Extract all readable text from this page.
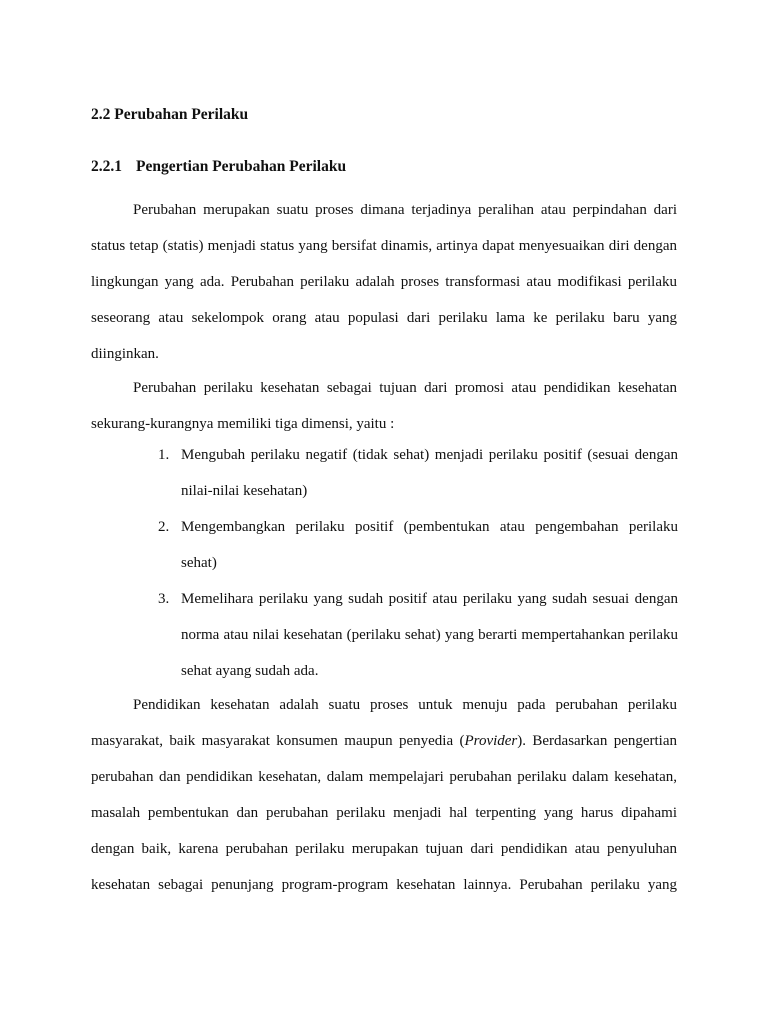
2.2 Perubahan Perilaku
2.2.1 Pengertian Perubahan Perilaku
Perubahan merupakan suatu proses dimana terjadinya peralihan atau perpindahan dari
status tetap (statis) menjadi status yang bersifat dinamis, artinya dapat menyesuaikan diri dengan
lingkungan yang ada. Perubahan perilaku adalah proses transformasi atau modifikasi perilaku
seseorang atau sekelompok orang atau populasi dari perilaku lama ke perilaku baru yang
diinginkan.
Perubahan perilaku kesehatan sebagai tujuan dari promosi atau pendidikan kesehatan
sekurang-kurangnya memiliki tiga dimensi, yaitu :
1. Mengubah perilaku negatif (tidak sehat) menjadi perilaku positif (sesuai dengan
nilai-nilai kesehatan)
2. Mengembangkan perilaku positif (pembentukan atau pengembahan perilaku
sehat)
3. Memelihara perilaku yang sudah positif atau perilaku yang sudah sesuai dengan
norma atau nilai kesehatan (perilaku sehat) yang berarti mempertahankan perilaku
sehat ayang sudah ada.
Pendidikan kesehatan adalah suatu proses untuk menuju pada perubahan perilaku
masyarakat, baik masyarakat konsumen maupun penyedia (Provider). Berdasarkan pengertian
perubahan dan pendidikan kesehatan, dalam mempelajari perubahan perilaku dalam kesehatan,
masalah pembentukan dan perubahan perilaku menjadi hal terpenting yang harus dipahami
dengan baik, karena perubahan perilaku merupakan tujuan dari pendidikan atau penyuluhan
kesehatan sebagai penunjang program-program kesehatan lainnya. Perubahan perilaku yang
